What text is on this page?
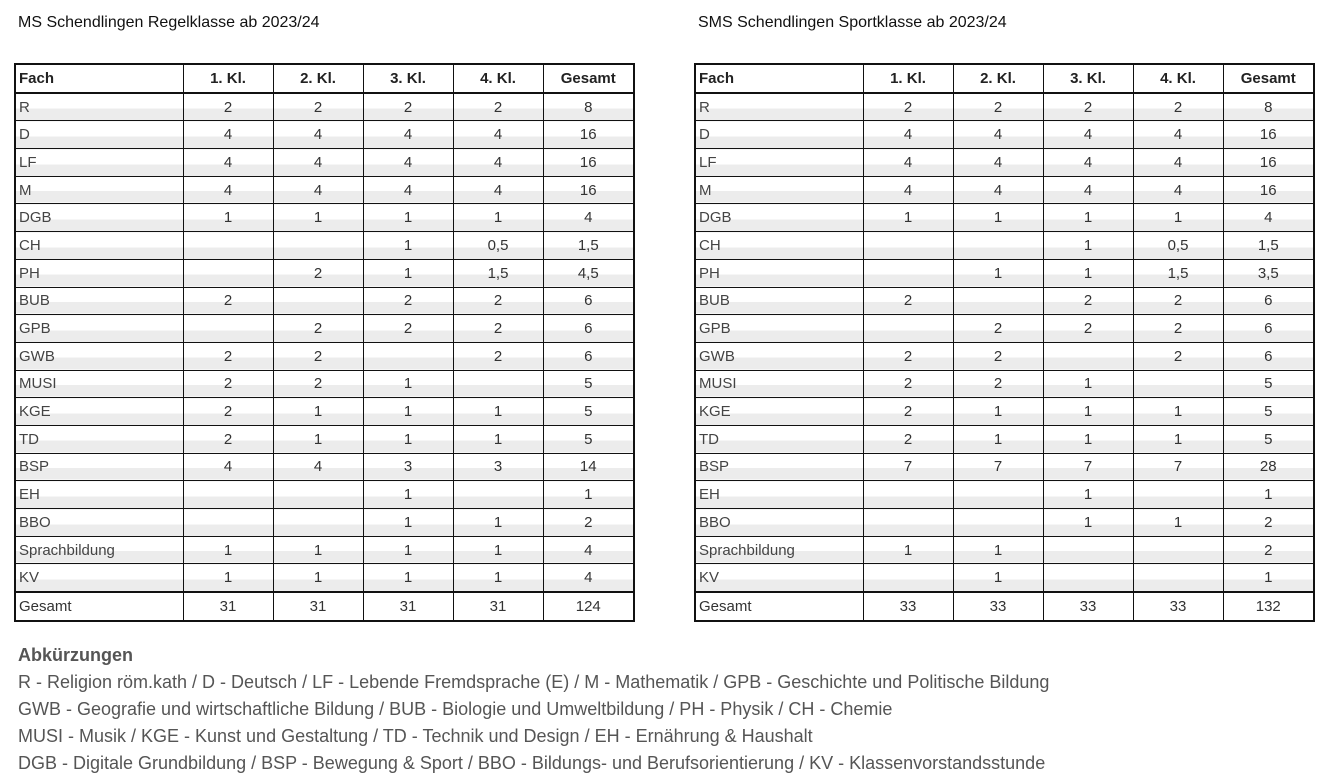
MS Schendlingen Regelklasse ab 2023/24	SMS Schendlingen Sportklasse ab 2023/24
Fach	1. Kl.	2. Kl.	3. Kl.	4. Kl.	Gesamt
R	2	2	2	2	8
D	4	4	4	4	16
LF	4	4	4	4	16
M	4	4	4	4	16
DGB	1	1	1	1	4
CH			1	0,5	1,5
PH		2	1	1,5	4,5
BUB	2		2	2	6
GPB		2	2	2	6
GWB	2	2		2	6
MUSI	2	2	1		5
KGE	2	1	1	1	5
TD	2	1	1	1	5
BSP	4	4	3	3	14
EH			1		1
BBO			1	1	2
Sprachbildung	1	1	1	1	4
KV	1	1	1	1	4
Gesamt	31	31	31	31	124
Fach	1. Kl.	2. Kl.	3. Kl.	4. Kl.	Gesamt
R	2	2	2	2	8
D	4	4	4	4	16
LF	4	4	4	4	16
M	4	4	4	4	16
DGB	1	1	1	1	4
CH			1	0,5	1,5
PH		1	1	1,5	3,5
BUB	2		2	2	6
GPB		2	2	2	6
GWB	2	2		2	6
MUSI	2	2	1		5
KGE	2	1	1	1	5
TD	2	1	1	1	5
BSP	7	7	7	7	28
EH			1		1
BBO			1	1	2
Sprachbildung	1	1			2
KV		1			1
Gesamt	33	33	33	33	132
Abkürzungen
R - Religion röm.kath / D - Deutsch / LF - Lebende Fremdsprache (E) / M - Mathematik / GPB - Geschichte und Politische Bildung
GWB - Geografie und wirtschaftliche Bildung / BUB - Biologie und Umweltbildung / PH - Physik / CH - Chemie
MUSI - Musik / KGE - Kunst und Gestaltung / TD - Technik und Design / EH - Ernährung & Haushalt
DGB - Digitale Grundbildung / BSP - Bewegung & Sport / BBO - Bildungs- und Berufsorientierung / KV - Klassenvorstandsstunde
